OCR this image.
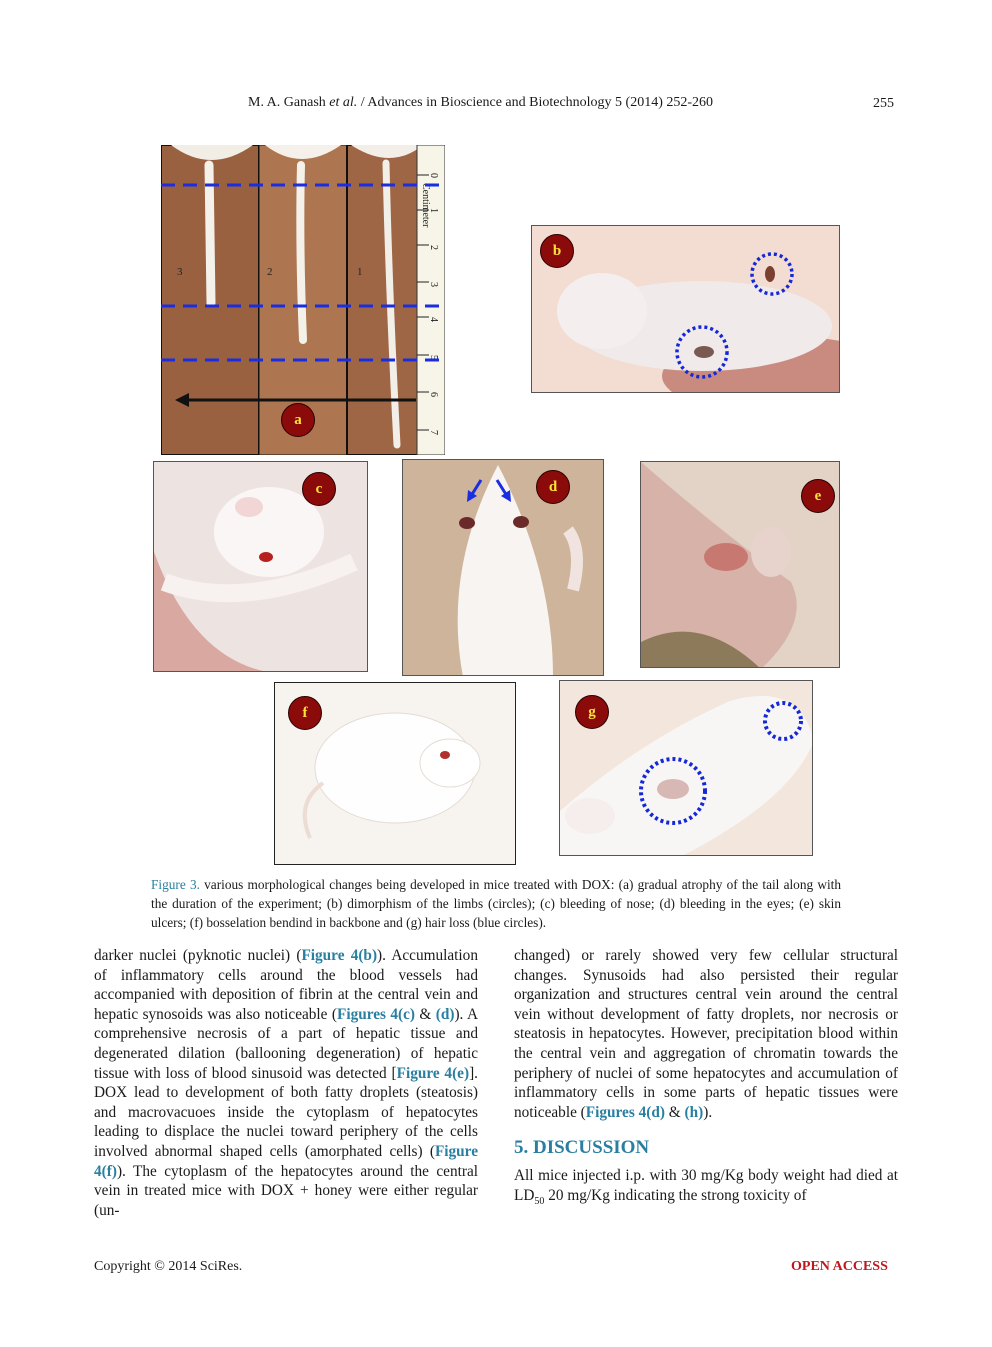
M. A. Ganash et al. / Advances in Bioscience and Biotechnology 5 (2014) 252-260	255
0
1
2
3
4
5
6
7
Centimeter
3	2	1
a
b
c	d
e
f	g
Figure 3. various morphological changes being developed in mice treated with DOX: (a) gradual atrophy of the tail along with the duration of the experiment; (b) dimorphism of the limbs (circles); (c) bleeding of nose; (d) bleeding in the eyes; (e) skin ulcers; (f) bosselation bendind in backbone and (g) hair loss (blue circles).

darker nuclei (pyknotic nuclei) (Figure 4(b)). Accumulation of inflammatory cells around the blood vessels had accompanied with deposition of fibrin at the central vein and hepatic synosoids was also noticeable (Figures 4(c) & (d)). A comprehensive necrosis of a part of hepatic tissue and degenerated dilation (ballooning degeneration) of hepatic tissue with loss of blood sinusoid was detected [Figure 4(e)]. DOX lead to development of both fatty droplets (steatosis) and macrovacuoes inside the cytoplasm of hepatocytes leading to displace the nuclei toward periphery of the cells involved abnormal shaped cells (amorphated cells) (Figure 4(f)). The cytoplasm of the hepatocytes around the central vein in treated mice with DOX + honey were either regular (un-

changed) or rarely showed very few cellular structural changes. Synusoids had also persisted their regular organization and structures central vein around the central vein without development of fatty droplets, nor necrosis or steatosis in hepatocytes. However, precipitation blood within the central vein and aggregation of chromatin towards the periphery of nuclei of some hepatocytes and accumulation of inflammatory cells in some parts of hepatic tissues were noticeable (Figures 4(d) & (h)).

5. DISCUSSION

All mice injected i.p. with 30 mg/Kg body weight had died at $LD_{50}$ 20 mg/Kg indicating the strong toxicity of

Copyright © 2014 SciRes.	OPEN ACCESS
